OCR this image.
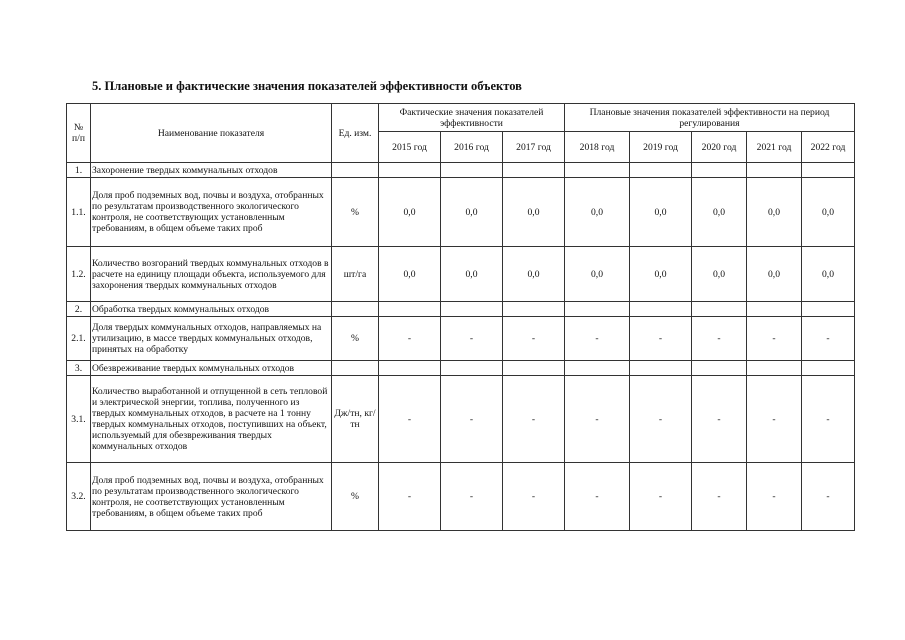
5. Плановые и фактические значения показателей эффективности объектов
№ п/п	Наименование показателя	Ед. изм.	Фактические значения показателей эффективности			Плановые значения показателей эффективности на период регулирования				
			2015 год	2016 год	2017 год	2018 год	2019 год	2020 год	2021 год	2022 год
1.	Захоронение твердых коммунальных отходов									
1.1.	Доля проб подземных вод, почвы и воздуха, отобранных по результатам производственного экологического контроля, не соответствующих установленным требованиям, в общем объеме таких проб	%	0,0	0,0	0,0	0,0	0,0	0,0	0,0	0,0
1.2.	Количество возгораний твердых коммунальных отходов в расчете на единицу площади объекта, используемого для захоронения твердых коммунальных отходов	шт/га	0,0	0,0	0,0	0,0	0,0	0,0	0,0	0,0
2.	Обработка твердых коммунальных отходов									
2.1.	Доля твердых коммунальных отходов, направляемых на утилизацию, в массе твердых коммунальных отходов, принятых на обработку	%	-	-	-	-	-	-	-	-
3.	Обезвреживание твердых коммунальных отходов									
3.1.	Количество выработанной и отпущенной в сеть тепловой и электрической энергии, топлива, полученного из твердых коммунальных отходов, в расчете на 1 тонну твердых коммунальных отходов, поступивших на объект, используемый для обезвреживания твердых коммунальных отходов	Дж/тн, кг/тн	-	-	-	-	-	-	-	-
3.2.	Доля проб подземных вод, почвы и воздуха, отобранных по результатам производственного экологического контроля, не соответствующих установленным требованиям, в общем объеме таких проб	%	-	-	-	-	-	-	-	-
